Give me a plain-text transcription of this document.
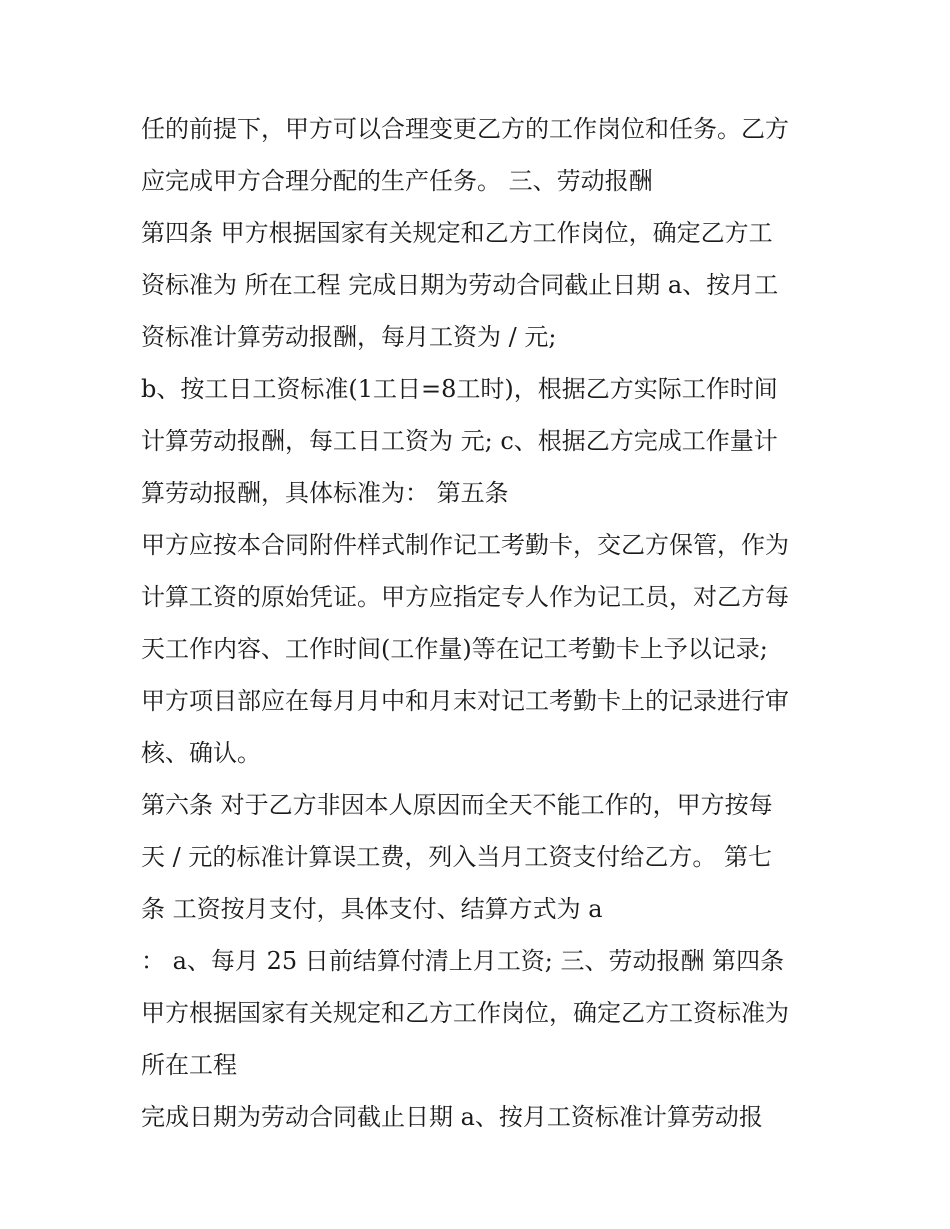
任的前提下，甲方可以合理变更乙方的工作岗位和任务。乙方
应完成甲方合理分配的生产任务。 三、劳动报酬
第四条 甲方根据国家有关规定和乙方工作岗位，确定乙方工
资标准为 所在工程 完成日期为劳动合同截止日期 a、按月工
资标准计算劳动报酬，每月工资为 / 元;
b、按工日工资标准(1工日=8工时)，根据乙方实际工作时间
计算劳动报酬，每工日工资为 元; c、根据乙方完成工作量计
算劳动报酬，具体标准为： 第五条
甲方应按本合同附件样式制作记工考勤卡，交乙方保管，作为
计算工资的原始凭证。甲方应指定专人作为记工员，对乙方每
天工作内容、工作时间(工作量)等在记工考勤卡上予以记录;
甲方项目部应在每月月中和月末对记工考勤卡上的记录进行审
核、确认。
第六条 对于乙方非因本人原因而全天不能工作的，甲方按每
天 / 元的标准计算误工费，列入当月工资支付给乙方。 第七
条 工资按月支付，具体支付、结算方式为 a
： a、每月 25 日前结算付清上月工资; 三、劳动报酬 第四条
甲方根据国家有关规定和乙方工作岗位，确定乙方工资标准为
所在工程
完成日期为劳动合同截止日期 a、按月工资标准计算劳动报
